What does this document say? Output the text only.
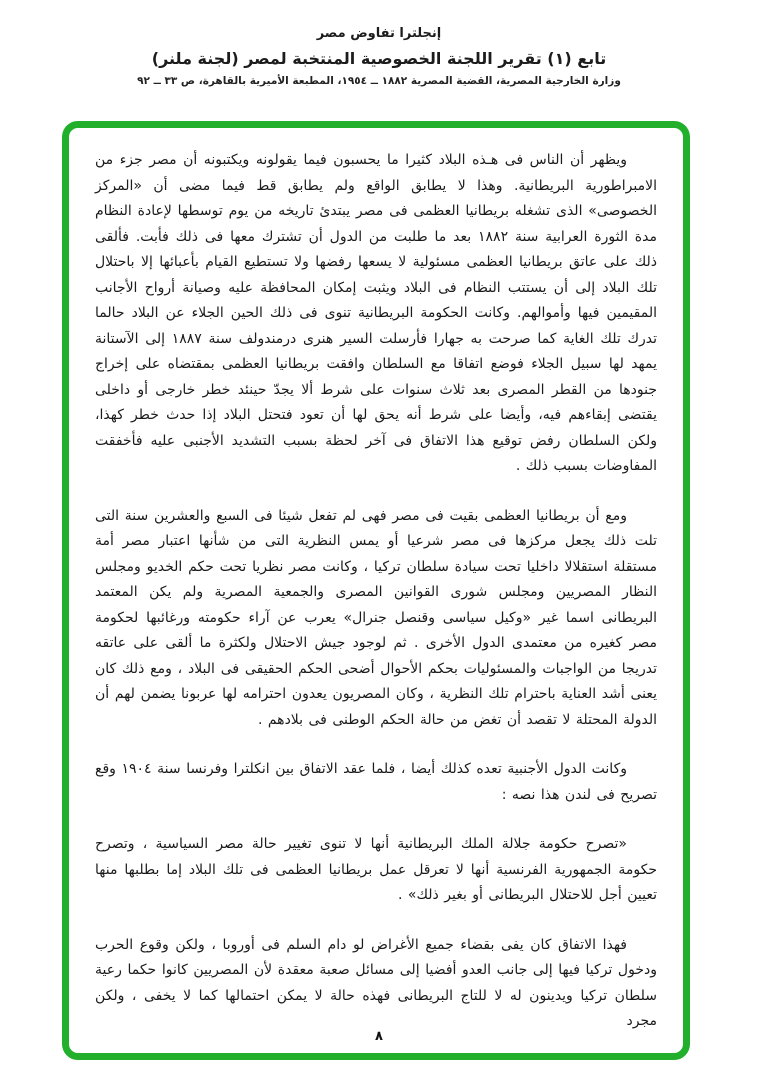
إنجلترا تفاوض مصر

تابع (١) تقرير اللجنة الخصوصية المنتخبة لمصر (لجنة ملنر)

وزارة الخارجية المصرية، القضية المصرية ١٨٨٢ ــ ١٩٥٤، المطبعة الأميرية بالقاهرة، ص ٣٣ ــ ٩٢

ويظهر أن الناس فى هـذه البلاد كثيرا ما يحسبون فيما يقولونه ويكتبونه أن مصر جزء من الامبراطورية البريطانية. وهذا لا يطابق الواقع ولم يطابق قط فيما مضى أن «المركز الخصوصى» الذى تشغله بريطانيا العظمى فى مصر يبتدئ تاريخه من يوم توسطها لإعادة النظام مدة الثورة العرابية سنة ١٨٨٢ بعد ما طلبت من الدول أن تشترك معها فى ذلك فأبت. فألقى ذلك على عاتق بريطانيا العظمى مسئولية لا يسعها رفضها ولا تستطيع القيام بأعبائها إلا باحتلال تلك البلاد إلى أن يستتب النظام فى البلاد ويثبت إمكان المحافظة عليه وصيانة أرواح الأجانب المقيمين فيها وأموالهم. وكانت الحكومة البريطانية تنوى فى ذلك الحين الجلاء عن البلاد حالما تدرك تلك الغاية كما صرحت به جهارا فأرسلت السير هنرى درمندولف سنة ١٨٨٧ إلى الآستانة يمهد لها سبيل الجلاء فوضع اتفاقا مع السلطان وافقت بريطانيا العظمى بمقتضاه على إخراج جنودها من القطر المصرى بعد ثلاث سنوات على شرط ألا يجدّ حينئد خطر خارجى أو داخلى يقتضى إبقاءهم فيه، وأيضا على شرط أنه يحق لها أن تعود فتحتل البلاد إذا حدث خطر كهذا، ولكن السلطان رفض توقيع هذا الاتفاق فى آخر لحظة بسبب التشديد الأجنبى عليه فأخفقت المفاوضات بسبب ذلك .

ومع أن بريطانيا العظمى بقيت فى مصر فهى لم تفعل شيئا فى السبع والعشرين سنة التى تلت ذلك يجعل مركزها فى مصر شرعيا أو يمس النظرية التى من شأنها اعتبار مصر أمة مستقلة استقلالا داخليا تحت سيادة سلطان تركيا ، وكانت مصر نظريا تحت حكم الخديو ومجلس النظار المصريين ومجلس شورى القوانين المصرى والجمعية المصرية ولم يكن المعتمد البريطانى اسما غير «وكيل سياسى وقنصل جنرال» يعرب عن آراء حكومته ورغائبها لحكومة مصر كغيره من معتمدى الدول الأخرى . ثم لوجود جيش الاحتلال ولكثرة ما ألقى على عاتقه تدريجا من الواجبات والمسئوليات بحكم الأحوال أضحى الحكم الحقيقى فى البلاد ، ومع ذلك كان يعنى أشد العناية باحترام تلك النظرية ، وكان المصريون يعدون احترامه لها عربونا يضمن لهم أن الدولة المحتلة لا تقصد أن تغض من حالة الحكم الوطنى فى بلادهم .

وكانت الدول الأجنبية تعده كذلك أيضا ، فلما عقد الاتفاق بين انكلترا وفرنسا سنة ١٩٠٤ وقع تصريح فى لندن هذا نصه :

«تصرح حكومة جلالة الملك البريطانية أنها لا تنوى تغيير حالة مصر السياسية ، وتصرح حكومة الجمهورية الفرنسية أنها لا تعرقل عمل بريطانيا العظمى فى تلك البلاد إما بطلبها منها تعيين أجل للاحتلال البريطانى أو بغير ذلك» .

فهذا الاتفاق كان يفى بقضاء جميع الأغراض لو دام السلم فى أوروبا ، ولكن وقوع الحرب ودخول تركيا فيها إلى جانب العدو أفضيا إلى مسائل صعبة معقدة لأن المصريين كانوا حكما رعية سلطان تركيا ويدينون له لا للتاج البريطانى فهذه حالة لا يمكن احتمالها كما لا يخفى ، ولكن مجرد

٨
